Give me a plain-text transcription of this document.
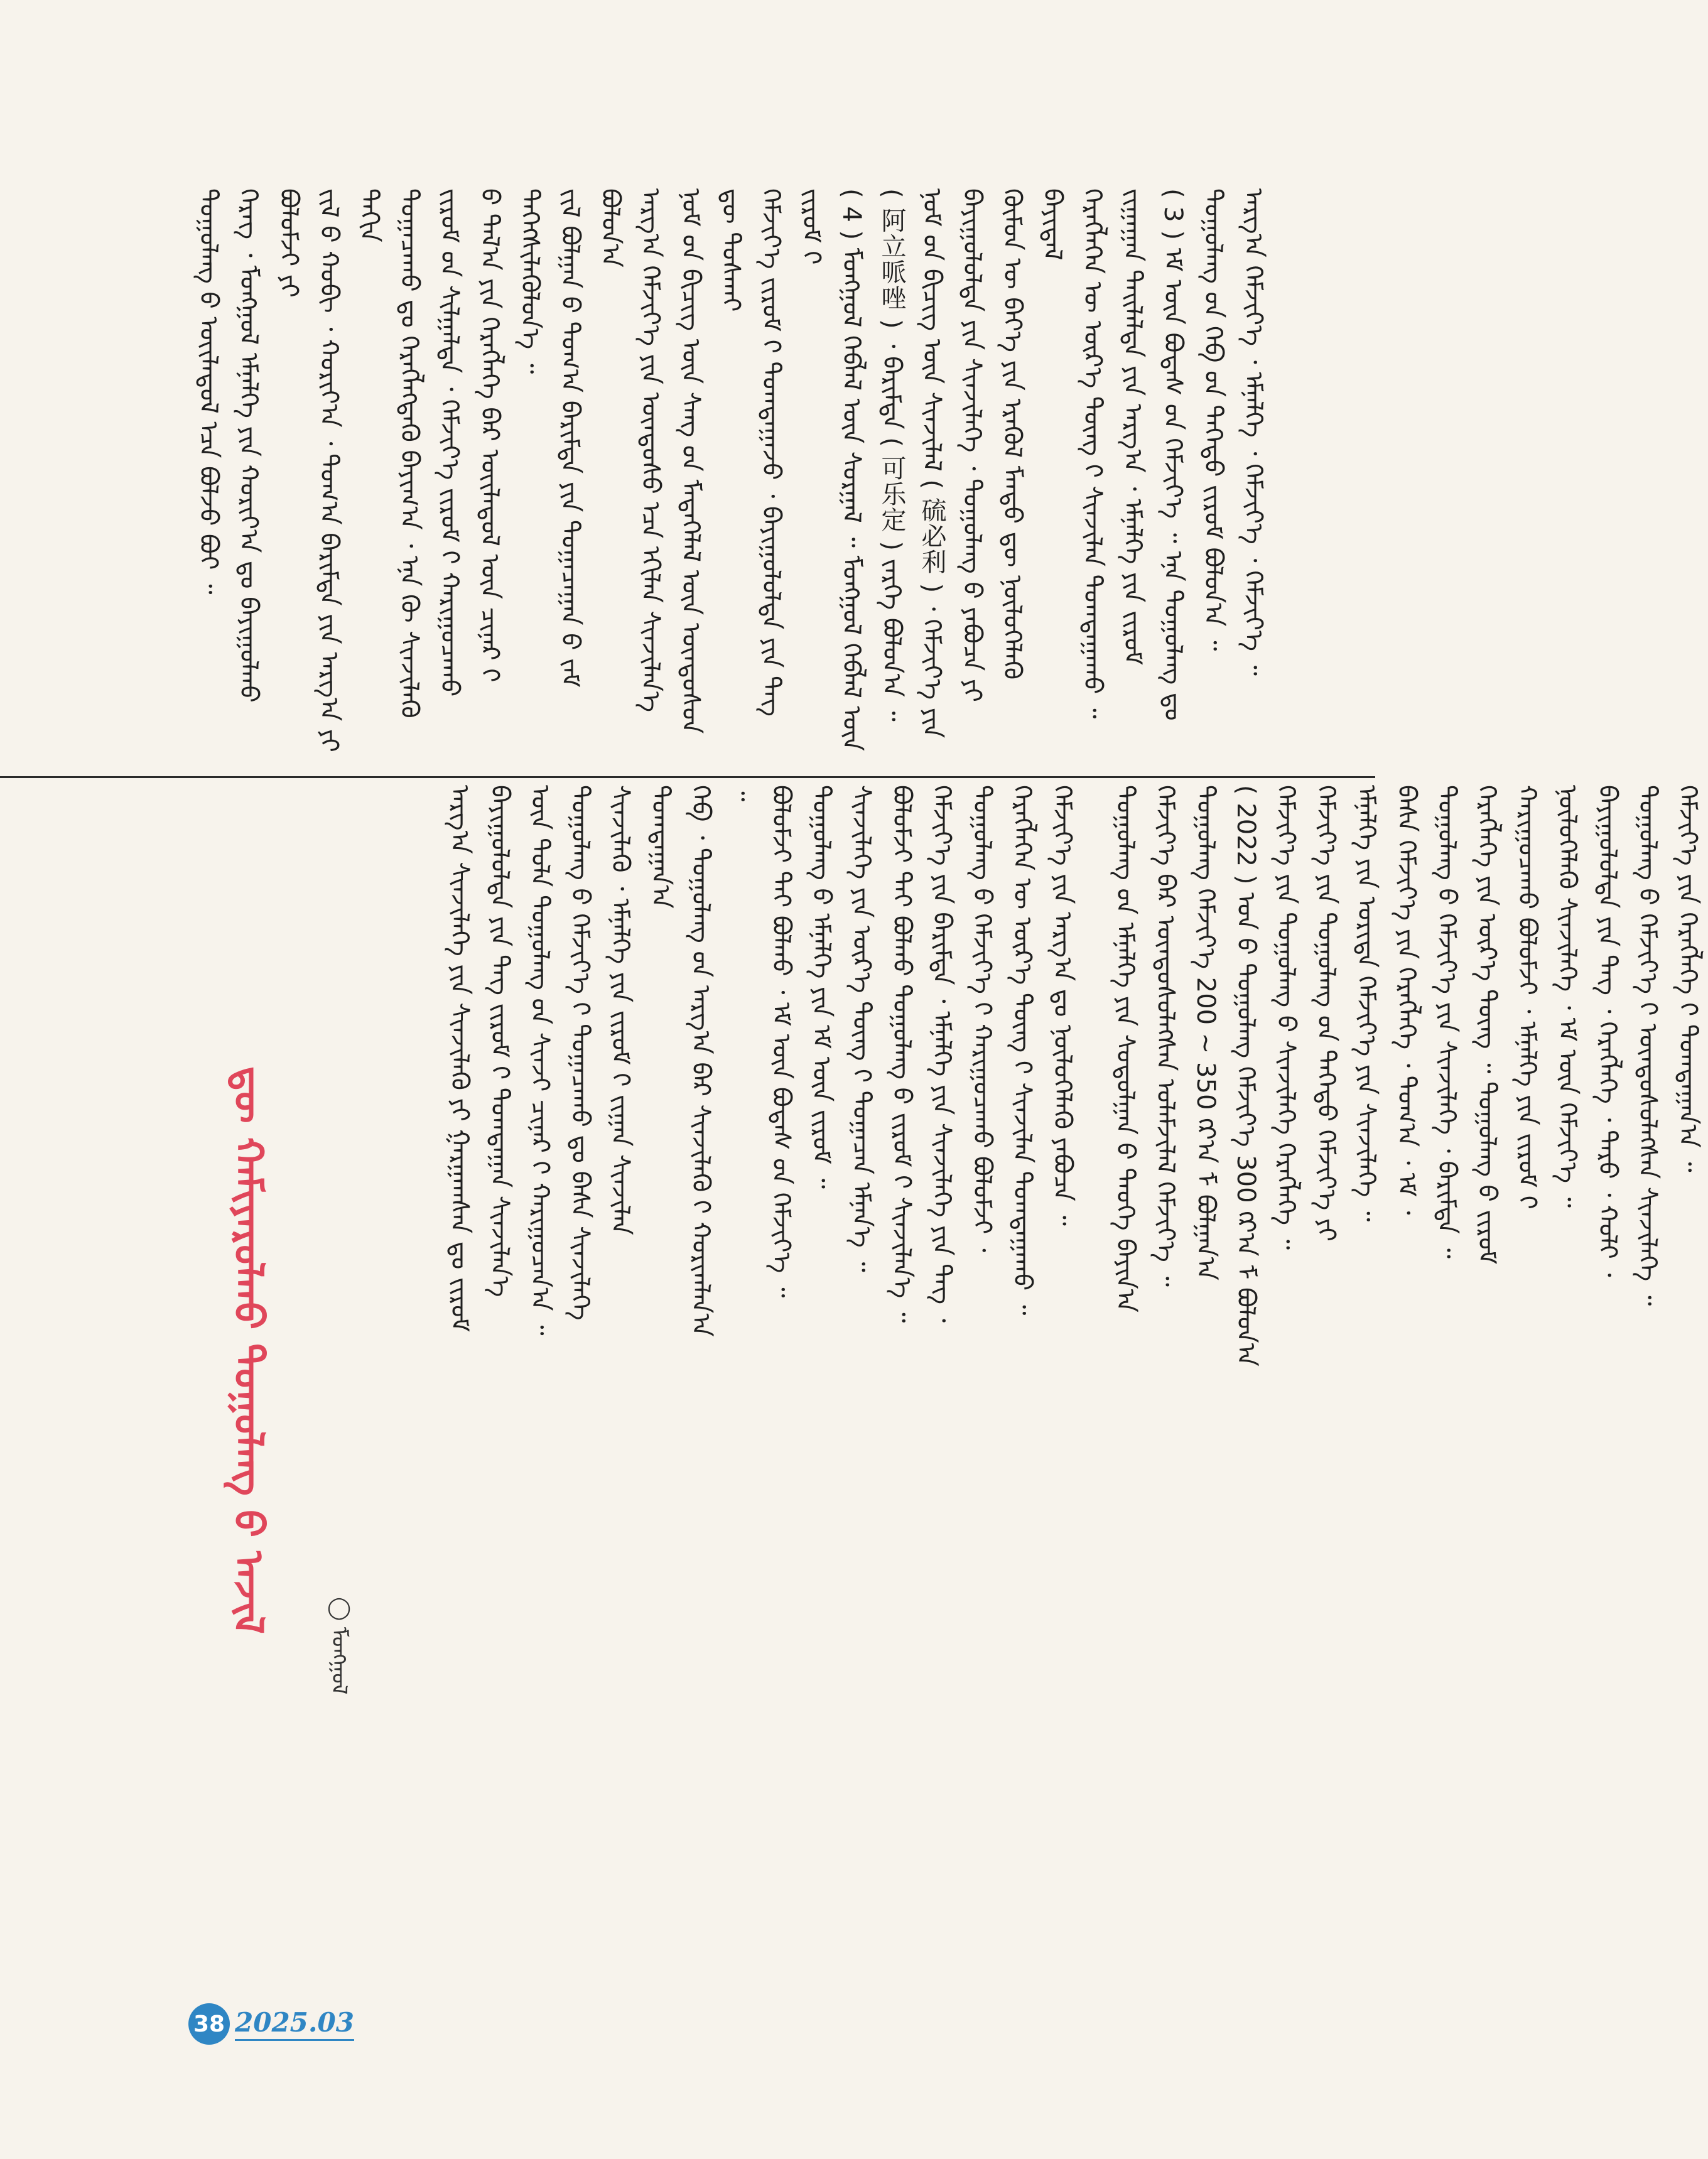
ᠳᠤᠭᠤᠯᠠᠩ ᠤ᠋ ᠦᠢᠯᠡᠳᠦᠯ ᠡᠴᠡ ᠪᠣᠯᠵᠤ ᠪᠤᠢ ᠃ ᠬᠡᠷᠡᠭ ᠂ ᠮᠣᠩᠭᠣᠯ ᠡᠮᠨᠡᠯᠭᠡ ᠶᠢᠨ ᠬᠣᠷᠢᠶ᠎ᠠ ᠳᠤ ᠪᠠᠶᠢᠭᠤᠯᠬᠤ ᠪᠣᠯᠤᠮᠵᠢ ᠶᠢ ᠵᠢᠯ ᠤ᠋ ᠬᠤᠪᠢ ᠂ ᠬᠣᠷᠢᠶ᠎ᠠ ᠂ ᠲᠣᠭ᠎ᠠ ᠪᠠᠷᠢᠮᠲᠠ ᠶᠢᠨ ᠠᠷᠭ᠎ᠠ ᠶᠢ ᠳᠠᠬᠢᠨ ᠲᠣᠭᠠᠴᠠᠬᠤ ᠳᠤ ᠬᠡᠷᠡᠭᠯᠡᠭᠳᠡᠬᠦ ᠪᠠᠶᠢᠭ᠎ᠠ ᠂ ᠡᠨᠡ ᠬᠦ ᠰᠢᠨᠵᠢᠯᠡᠬᠦ ᠵᠢᠷᠤᠮ ᠤ᠋ᠨ ᠰᠢᠯᠭᠠᠯᠲᠠ ᠂ ᠬᠡᠮᠵᠢᠶ᠎ᠡ ᠵᠢᠷᠤᠮ ᠢ᠋ ᠬᠠᠷᠢᠭᠤᠴᠠᠬᠤ ᠪ ᠲᠠᠯ᠎ᠠ ᠶᠢᠨ ᠬᠡᠷᠡᠭᠯᠡᠭᠡ ᠪᠡᠷ ᠦᠢᠯᠡᠳᠦᠯ ᠦᠨ ᠴᠢᠨᠠᠷ ᠢ᠋ ᠳᠡᠭᠡᠭᠰᠢᠯᠡᠭᠦᠯᠦᠨ᠎ᠡ ᠃ ᠵᠢᠯ ᠪᠣᠯᠭᠠᠨ ᠤ᠋ ᠲᠣᠭ᠎ᠠ ᠪᠠᠷᠢᠮᠲᠠ ᠶᠢᠨ ᠲᠣᠭᠠᠴᠠᠭᠠᠨ ᠤ᠋ ᠵᠠᠮ ᠪᠣᠯᠤᠨ᠎ᠠ ᠠᠷᠭ᠎ᠠ ᠬᠡᠮᠵᠢᠶ᠎ᠡ ᠶᠢᠨ ᠦᠨᠳᠦᠰᠦ ᠡᠴᠡ ᠡᠬᠢᠯᠡᠨ ᠰᠢᠨᠵᠢᠯᠡᠨ᠎ᠡ ᠨᠣᠮ ᠤ᠋ᠨ ᠪᠢᠴᠢᠭ ᠦᠨ ᠰᠠᠩ ᠤ᠋ᠨ ᠮᠡᠳᠡᠭᠡᠯᠡᠯ ᠦᠨ ᠦᠨᠳᠦᠰᠦᠨ ᠳᠦ ᠲᠤᠰᠬᠠᠢ ᠬᠡᠮᠵᠢᠶ᠎ᠡ ᠵᠢᠷᠤᠮ ᠢ᠋ ᠲᠣᠭᠲᠠᠭᠠᠵᠤ ᠂ ᠪᠠᠶᠢᠭᠤᠯᠤᠯᠲᠠ ᠶᠢᠨ ᠳᠡᠭ ᠵᠢᠷᠤᠮ ᠢ᠋ ( 4 ) ᠮᠣᠩᠭᠣᠯ ᠬᠡᠪᠯᠡᠯ ᠦᠨ ᠰᠤᠷᠭᠠᠯ ᠃ ᠮᠣᠩᠭᠣᠯ ᠬᠡᠪᠯᠡᠯ ᠦᠨ ( 阿立哌唑 ) ᠂ ᠪᠠᠷᠢᠮᠲᠠ ( 可乐定 ) ᠵᠡᠷᠭᠡ ᠪᠣᠯᠤᠨ᠎ᠠ ᠃ ᠨᠣᠮ ᠤ᠋ᠨ ᠪᠢᠴᠢᠭ ᠦᠨ ᠰᠢᠨᠵᠢᠯᠡᠯ ( 硫必利 ) ᠂ ᠬᠡᠮᠵᠢᠶ᠎ᠡ ᠶᠢᠨ ᠪᠠᠶᠢᠭᠤᠯᠤᠯᠲᠠ ᠶᠢᠨ ᠰᠢᠨᠵᠢᠯᠡᠭᠡ ᠂ ᠳᠤᠭᠤᠯᠠᠩ ᠤ᠋ ᠶᠠᠪᠤᠴᠠ ᠶᠢ ᠬᠦᠮᠦᠨ ᠦ ᠪᠡᠶ᠎ᠡ ᠶᠢᠨ ᠡᠷᠡᠭᠦᠯ ᠮᠡᠨᠳᠦ ᠳᠦ ᠨᠥᠯᠦᠭᠡᠯᠡᠬᠦ ᠪᠠᠶᠢᠳᠠᠯ ᠬᠡᠷᠡᠭᠯᠡᠭᠡᠨ ᠦ ᠦᠷ᠎ᠡ ᠳᠦᠩ ᠢ᠋ ᠰᠢᠨᠵᠢᠯᠡᠨ ᠲᠣᠭᠲᠠᠭᠠᠬᠤ ᠃ ᠵᠢᠭᠠᠭᠠᠨ ᠳᠠᠢᠯᠠᠯᠲᠠ ᠶᠢᠨ ᠠᠷᠭ᠎ᠠ ᠂ ᠡᠮᠨᠡᠯᠭᠡ ᠶᠢᠨ ᠵᠢᠷᠤᠮ ( 3 ) ᠡᠮ ᠦᠨ ᠪᠣᠳᠠᠰ ᠤ᠋ᠨ ᠬᠡᠮᠵᠢᠶ᠎ᠡ ᠃ ᠡᠨᠡ ᠳᠤᠭᠤᠯᠠᠩ ᠳᠤ ᠳᠤᠭᠤᠯᠠᠩ ᠤ᠋ᠨ ᠬᠡᠪ ᠤ᠋ᠨ ᠲᠡᠭᠡᠳᠦ ᠵᠢᠷᠤᠮ ᠪᠣᠯᠤᠨ᠎ᠠ ᠃ ᠠᠷᠭ᠎ᠠ ᠬᠡᠮᠵᠢᠶ᠎ᠡ ᠂ ᠡᠮᠨᠡᠯᠭᠡ ᠂ ᠬᠡᠮᠵᠢᠶ᠎ᠡ ᠂ ᠬᠡᠮᠵᠢᠶ᠎ᠡ ᠃
ᠳᠦ ᠬᠠᠮᠢᠶᠠᠷᠤᠯᠬᠤ ᠳᠤᠭᠤᠯᠠᠩ ᠤ᠋ ᠠᠵᠢᠯ
◯ ᠮᠣᠩᠭᠣᠯ
ᠠᠷᠭ᠎ᠠ ᠰᠢᠨᠵᠢᠯᠡᠭᠡ ᠶᠢᠨ ᠰᠢᠨᠵᠢᠯᠡᠬᠦ ᠶᠢ ᠭᠠᠷᠭᠠᠭᠰᠠᠨ ᠳᠤ ᠵᠢᠷᠤᠮ ᠪᠠᠶᠢᠭᠤᠯᠤᠯᠲᠠ ᠶᠢᠨ ᠳᠡᠭ ᠵᠢᠷᠤᠮ ᠢ᠋ ᠲᠣᠭᠲᠠᠭᠠᠨ ᠰᠢᠨᠵᠢᠯᠡᠨ᠎ᠡ ᠦᠨ ᠲᠤᠯᠠ ᠳᠤᠭᠤᠯᠠᠩ ᠤ᠋ᠨ ᠰᠢᠨᠵᠢ ᠴᠢᠨᠠᠷ ᠢ᠋ ᠬᠠᠷᠢᠭᠤᠴᠠᠨ᠎ᠠ ᠃ ᠳᠤᠭᠤᠯᠠᠩ ᠤ᠋ ᠬᠡᠮᠵᠢᠶ᠎ᠡ ᠢ᠋ ᠲᠣᠭᠠᠴᠠᠬᠤ ᠳᠤ ᠪᠠᠰᠠ ᠰᠢᠨᠵᠢᠯᠡᠭᠡ ᠰᠢᠨᠵᠢᠯᠡᠬᠦ ᠂ ᠡᠮᠨᠡᠯᠭᠡ ᠶᠢᠨ ᠵᠢᠷᠤᠮ ᠢ᠋ ᠵᠢᠭᠠᠨ ᠰᠢᠨᠵᠢᠯᠡᠨ ᠲᠣᠭᠲᠠᠭᠠᠨ᠎ᠠ ᠬᠡᠪ ᠂ ᠳᠤᠭᠤᠯᠠᠩ ᠤ᠋ᠨ ᠠᠷᠭ᠎ᠠ ᠪᠡᠷ ᠰᠢᠨᠵᠢᠯᠡᠬᠦ ᠢ᠋ ᠬᠣᠷᠢᠭᠯᠠᠨ᠎ᠠ ᠃ ᠪᠣᠯᠤᠮᠵᠢ ᠲᠠᠢ ᠪᠣᠯᠬᠤ ᠂ ᠡᠮ ᠦᠨ ᠪᠣᠳᠠᠰ ᠤ᠋ᠨ ᠬᠡᠮᠵᠢᠶ᠎ᠡ ᠃ ᠳᠤᠭᠤᠯᠠᠩ ᠤ᠋ ᠡᠮᠨᠡᠯᠭᠡ ᠶᠢᠨ ᠡᠮ ᠦᠨ ᠵᠢᠷᠤᠮ ᠃ ᠰᠢᠨᠵᠢᠯᠡᠭᠡ ᠶᠢᠨ ᠦᠷ᠎ᠡ ᠳᠦᠩ ᠢ᠋ ᠲᠣᠭᠠᠴᠠᠨ ᠡᠮᠨᠡᠨ᠎ᠡ ᠃ ᠪᠣᠯᠤᠮᠵᠢ ᠲᠠᠢ ᠪᠣᠯᠬᠤ ᠳᠤᠭᠤᠯᠠᠩ ᠤ᠋ ᠵᠢᠷᠤᠮ ᠢ᠋ ᠰᠢᠨᠵᠢᠯᠡᠨ᠎ᠡ ᠃ ᠬᠡᠮᠵᠢᠶ᠎ᠡ ᠶᠢᠨ ᠪᠠᠷᠢᠮᠲᠠ ᠂ ᠡᠮᠨᠡᠯᠭᠡ ᠶᠢᠨ ᠰᠢᠨᠵᠢᠯᠡᠭᠡ ᠶᠢᠨ ᠳᠡᠭ ᠂ ᠳᠤᠭᠤᠯᠠᠩ ᠤ᠋ ᠬᠡᠮᠵᠢᠶ᠎ᠡ ᠢ᠋ ᠬᠠᠷᠢᠭᠤᠴᠠᠬᠤ ᠪᠣᠯᠤᠮᠵᠢ ᠂ ᠬᠡᠷᠡᠭᠯᠡᠭᠡᠨ ᠦ ᠦᠷ᠎ᠡ ᠳᠦᠩ ᠢ᠋ ᠰᠢᠨᠵᠢᠯᠡᠨ ᠲᠣᠭᠲᠠᠭᠠᠬᠤ ᠃ ᠬᠡᠮᠵᠢᠶ᠎ᠡ ᠶᠢᠨ ᠠᠷᠭ᠎ᠠ ᠳᠤ ᠨᠥᠯᠦᠭᠡᠯᠡᠬᠦ ᠶᠠᠪᠤᠴᠠ ᠃ ᠳᠤᠭᠤᠯᠠᠩ ᠤ᠋ᠨ ᠡᠮᠨᠡᠯᠭᠡ ᠶᠢᠨ ᠰᠤᠳᠤᠯᠭᠠᠨ ᠤ᠋ ᠲᠡᠦᠬᠡ ᠪᠠᠶᠢᠨ᠎ᠠ ᠬᠡᠮᠵᠢᠶ᠎ᠡ ᠪᠡᠷ ᠦᠨᠳᠦᠰᠦᠯᠡᠭᠰᠡᠨ ᠤᠯᠠᠮᠵᠢᠯᠠᠯ ᠬᠡᠮᠵᠢᠶ᠎ᠡ ᠃ ᠳᠤᠭᠤᠯᠠᠩ ᠬᠡᠮᠵᠢᠶ᠎ᠡ 200 ~ 350 ᠭᠷ᠎ᠠ ᠮ ᠪᠣᠯᠭᠠᠨ᠎ᠠ ( 2022 ) ᠣᠨ ᠤ᠋ ᠳᠤᠭᠤᠯᠠᠩ ᠬᠡᠮᠵᠢᠶ᠎ᠡ 300 ᠭᠷ᠎ᠠ ᠮ ᠪᠣᠯᠤᠨ᠎ᠠ ᠬᠡᠮᠵᠢᠶ᠎ᠡ ᠶᠢᠨ ᠳᠤᠭᠤᠯᠠᠩ ᠤ᠋ ᠰᠢᠨᠵᠢᠯᠡᠭᠡ ᠬᠡᠷᠡᠭᠯᠡᠭᠡ ᠃ ᠬᠡᠮᠵᠢᠶ᠎ᠡ ᠶᠢᠨ ᠳᠤᠭᠤᠯᠠᠩ ᠤ᠋ᠨ ᠲᠡᠭᠡᠳᠦ ᠬᠡᠮᠵᠢᠶ᠎ᠡ ᠶᠢ ᠡᠮᠨᠡᠯᠭᠡ ᠶᠢᠨ ᠤᠷᠢᠳᠠ ᠬᠡᠮᠵᠢᠶ᠎ᠡ ᠶᠢᠨ ᠰᠢᠨᠵᠢᠯᠡᠭᠡ ᠃ ᠪᠠᠰᠠ ᠬᠡᠮᠵᠢᠶ᠎ᠡ ᠶᠢᠨ ᠬᠡᠷᠡᠭᠯᠡᠭᠡ ᠂ ᠲᠣᠭ᠎ᠠ ᠂ ᠡᠮ ᠂ ᠳᠤᠭᠤᠯᠠᠩ ᠤ᠋ ᠬᠡᠮᠵᠢᠶ᠎ᠡ ᠶᠢᠨ ᠰᠢᠨᠵᠢᠯᠡᠭᠡ ᠂ ᠪᠠᠷᠢᠮᠲᠠ ᠃ ᠬᠡᠷᠡᠭᠯᠡᠭᠡ ᠶᠢᠨ ᠦᠷ᠎ᠡ ᠳᠦᠩ ᠃ ᠳᠤᠭᠤᠯᠠᠩ ᠤ᠋ ᠵᠢᠷᠤᠮ ᠬᠠᠷᠢᠭᠤᠴᠠᠬᠤ ᠪᠣᠯᠤᠮᠵᠢ ᠂ ᠡᠮᠨᠡᠯᠭᠡ ᠶᠢᠨ ᠵᠢᠷᠤᠮ ᠢ᠋ ᠨᠥᠯᠦᠭᠡᠯᠡᠬᠦ ᠰᠢᠨᠵᠢᠯᠡᠭᠡ ᠂ ᠡᠮ ᠦᠨ ᠬᠡᠮᠵᠢᠶ᠎ᠡ ᠃ ᠪᠠᠶᠢᠭᠤᠯᠤᠯᠲᠠ ᠶᠢᠨ ᠳᠡᠭ ᠂ ᠬᠡᠷᠡᠭᠯᠡᠭᠡ ᠂ ᠲᠠᠷᠤ ᠂ ᠬᠣᠯᠢ ᠂ ᠳᠤᠭᠤᠯᠠᠩ ᠤ᠋ ᠬᠡᠮᠵᠢᠶ᠎ᠡ ᠢ᠋ ᠦᠨᠳᠦᠰᠦᠯᠡᠭᠰᠡᠨ ᠰᠢᠨᠵᠢᠯᠡᠭᠡ ᠃ ᠬᠡᠮᠵᠢᠶ᠎ᠡ ᠶᠢᠨ ᠬᠡᠷᠡᠭᠯᠡᠭᠡ ᠢ᠋ ᠲᠣᠭᠲᠠᠭᠠᠨ᠎ᠠ ᠃
38 2025.03
